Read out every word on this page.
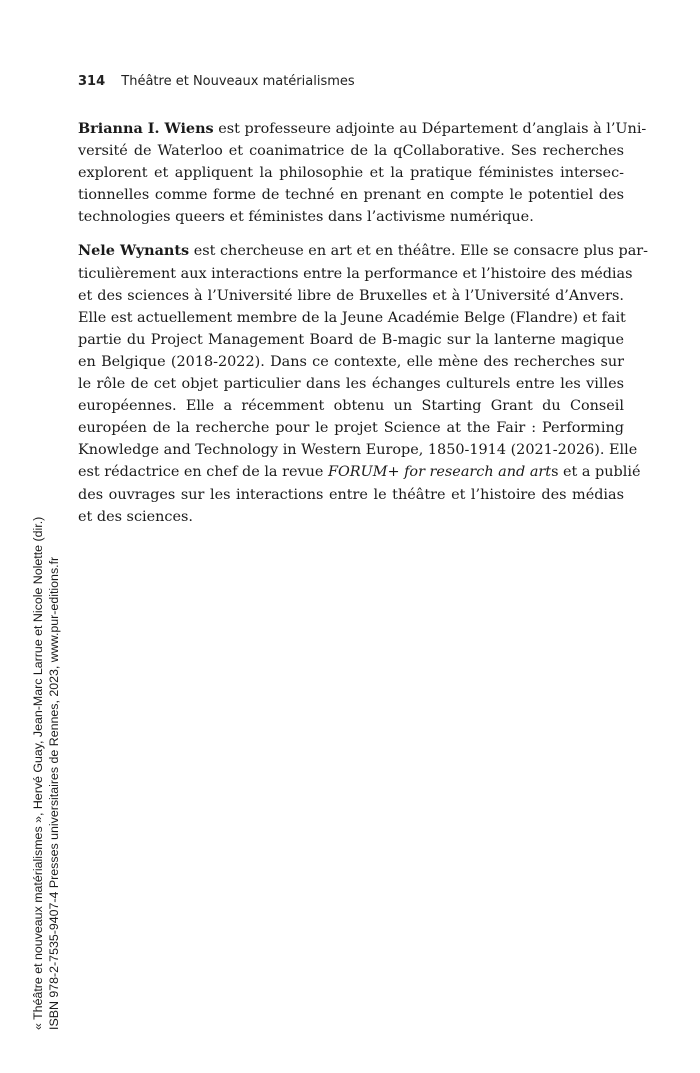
314 Théâtre et Nouveaux matérialismes

Brianna I. Wiens est professeure adjointe au Département d’anglais à l’Uni-
versité de Waterloo et coanimatrice de la qCollaborative. Ses recherches
explorent et appliquent la philosophie et la pratique féministes intersec-
tionnelles comme forme de techné en prenant en compte le potentiel des
technologies queers et féministes dans l’activisme numérique.

Nele Wynants est chercheuse en art et en théâtre. Elle se consacre plus par-
ticulièrement aux interactions entre la performance et l’histoire des médias
et des sciences à l’Université libre de Bruxelles et à l’Université d’Anvers.
Elle est actuellement membre de la Jeune Académie Belge (Flandre) et fait
partie du Project Management Board de B-magic sur la lanterne magique
en Belgique (2018-2022). Dans ce contexte, elle mène des recherches sur
le rôle de cet objet particulier dans les échanges culturels entre les villes
européennes. Elle a récemment obtenu un Starting Grant du Conseil
européen de la recherche pour le projet Science at the Fair : Performing
Knowledge and Technology in Western Europe, 1850-1914 (2021-2026). Elle
est rédactrice en chef de la revue FORUM+ for research and arts et a publié
des ouvrages sur les interactions entre le théâtre et l’histoire des médias
et des sciences.

« Théâtre et nouveaux matérialismes », Hervé Guay, Jean-Marc Larrue et Nicole Nolette (dir.) ISBN 978-2-7535-9407-4 Presses universitaires de Rennes, 2023, www.pur-editions.fr
